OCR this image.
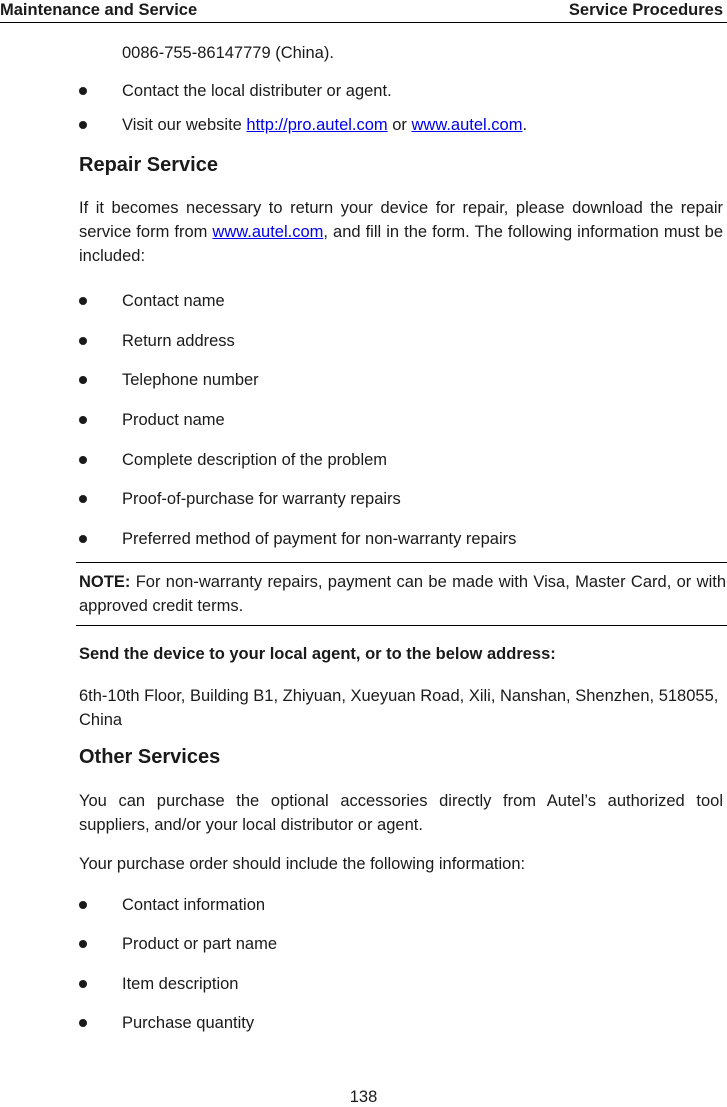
Maintenance and Service	Service Procedures
0086-755-86147779 (China).
Contact the local distributer or agent.
Visit our website http://pro.autel.com or www.autel.com.
Repair Service
If it becomes necessary to return your device for repair, please download the repair service form from www.autel.com, and fill in the form. The following information must be included:
Contact name
Return address
Telephone number
Product name
Complete description of the problem
Proof-of-purchase for warranty repairs
Preferred method of payment for non-warranty repairs
NOTE: For non-warranty repairs, payment can be made with Visa, Master Card, or with approved credit terms.
Send the device to your local agent, or to the below address:
6th-10th Floor, Building B1, Zhiyuan, Xueyuan Road, Xili, Nanshan, Shenzhen, 518055, China
Other Services
You can purchase the optional accessories directly from Autel’s authorized tool suppliers, and/or your local distributor or agent.
Your purchase order should include the following information:
Contact information
Product or part name
Item description
Purchase quantity
138
